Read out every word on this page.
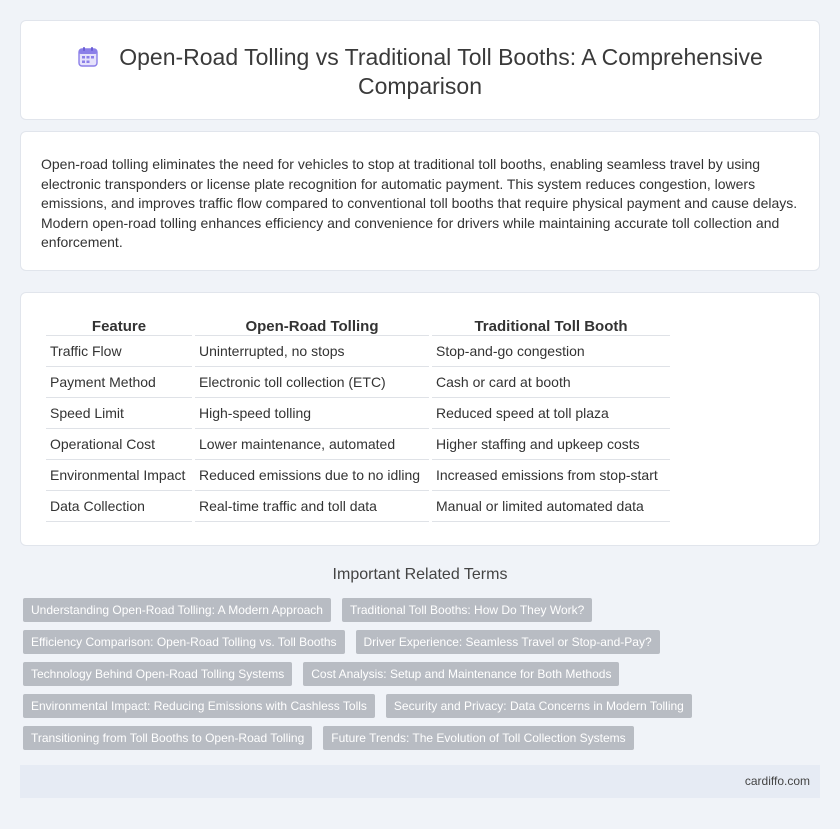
Open-Road Tolling vs Traditional Toll Booths: A Comprehensive Comparison

Open-road tolling eliminates the need for vehicles to stop at traditional toll booths, enabling seamless travel by using electronic transponders or license plate recognition for automatic payment. This system reduces congestion, lowers emissions, and improves traffic flow compared to conventional toll booths that require physical payment and cause delays. Modern open-road tolling enhances efficiency and convenience for drivers while maintaining accurate toll collection and enforcement.

Feature	Open-Road Tolling	Traditional Toll Booth
Traffic Flow	Uninterrupted, no stops	Stop-and-go congestion
Payment Method	Electronic toll collection (ETC)	Cash or card at booth
Speed Limit	High-speed tolling	Reduced speed at toll plaza
Operational Cost	Lower maintenance, automated	Higher staffing and upkeep costs
Environmental Impact	Reduced emissions due to no idling	Increased emissions from stop-start
Data Collection	Real-time traffic and toll data	Manual or limited automated data
Important Related Terms
Understanding Open-Road Tolling: A Modern Approach Traditional Toll Booths: How Do They Work?
Efficiency Comparison: Open-Road Tolling vs. Toll Booths Driver Experience: Seamless Travel or Stop-and-Pay?
Technology Behind Open-Road Tolling Systems Cost Analysis: Setup and Maintenance for Both Methods
Environmental Impact: Reducing Emissions with Cashless Tolls Security and Privacy: Data Concerns in Modern Tolling
Transitioning from Toll Booths to Open-Road Tolling Future Trends: The Evolution of Toll Collection Systems
cardiffo.com
